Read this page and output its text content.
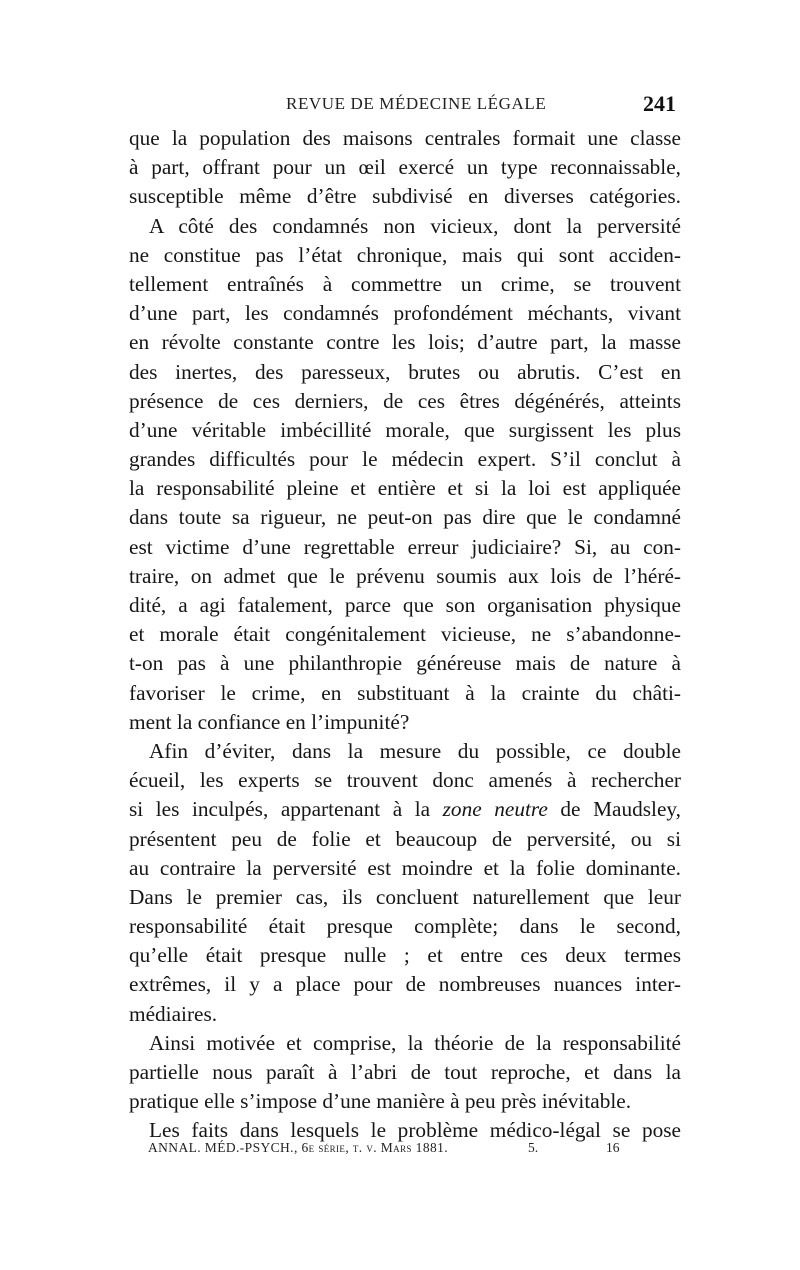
REVUE DE MÉDECINE LÉGALE	241
que la population des maisons centrales formait une classe
à part, offrant pour un œil exercé un type reconnaissable,
susceptible même d’être subdivisé en diverses catégories.
A côté des condamnés non vicieux, dont la perversité
ne constitue pas l’état chronique, mais qui sont acciden-
tellement entraînés à commettre un crime, se trouvent
d’une part, les condamnés profondément méchants, vivant
en révolte constante contre les lois; d’autre part, la masse
des inertes, des paresseux, brutes ou abrutis. C’est en
présence de ces derniers, de ces êtres dégénérés, atteints
d’une véritable imbécillité morale, que surgissent les plus
grandes difficultés pour le médecin expert. S’il conclut à
la responsabilité pleine et entière et si la loi est appliquée
dans toute sa rigueur, ne peut-on pas dire que le condamné
est victime d’une regrettable erreur judiciaire? Si, au con-
traire, on admet que le prévenu soumis aux lois de l’héré-
dité, a agi fatalement, parce que son organisation physique
et morale était congénitalement vicieuse, ne s’abandonne-
t-on pas à une philanthropie généreuse mais de nature à
favoriser le crime, en substituant à la crainte du châti-
ment la confiance en l’impunité?
Afin d’éviter, dans la mesure du possible, ce double
écueil, les experts se trouvent donc amenés à rechercher
si les inculpés, appartenant à la zone neutre de Maudsley,
présentent peu de folie et beaucoup de perversité, ou si
au contraire la perversité est moindre et la folie dominante.
Dans le premier cas, ils concluent naturellement que leur
responsabilité était presque complète; dans le second,
qu’elle était presque nulle ; et entre ces deux termes
extrêmes, il y a place pour de nombreuses nuances inter-
médiaires.
Ainsi motivée et comprise, la théorie de la responsabilité
partielle nous paraît à l’abri de tout reproche, et dans la
pratique elle s’impose d’une manière à peu près inévitable.
Les faits dans lesquels le problème médico-légal se pose
ANNAL. MÉD.-PSYCH., 6e série, t. v. Mars 1881.	5.	16
